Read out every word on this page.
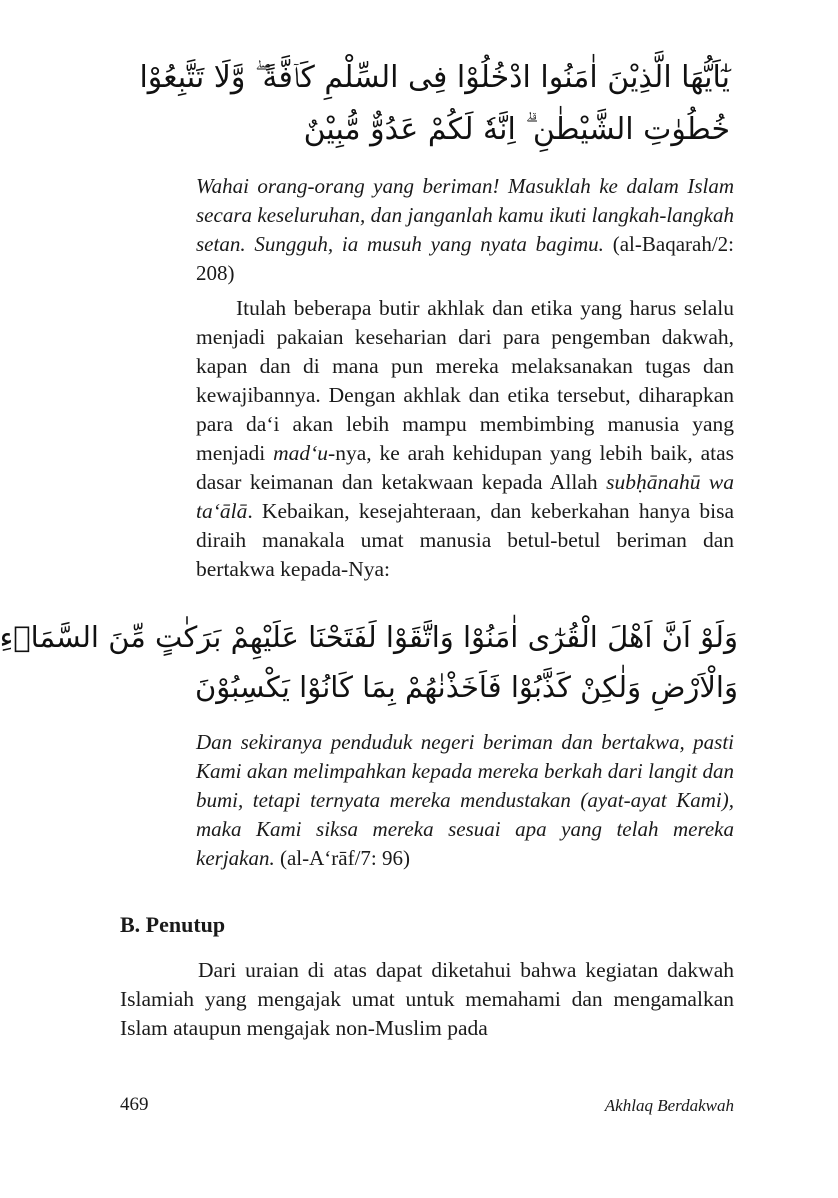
يٰٓاَيُّهَا الَّذِيْنَ اٰمَنُوا ادْخُلُوْا فِى السِّلْمِ كَاۤفَّةً ۖ وَّلَا تَتَّبِعُوْا
خُطُوٰتِ الشَّيْطٰنِ ۗ اِنَّهٗ لَكُمْ عَدُوٌّ مُّبِيْنٌ

Wahai orang-orang yang beriman! Masuklah ke dalam Islam secara keseluruhan, dan janganlah kamu ikuti langkah-langkah setan. Sungguh, ia musuh yang nyata bagimu. (al-Baqarah/2: 208)

Itulah beberapa butir akhlak dan etika yang harus selalu menjadi pakaian keseharian dari para pengemban dakwah, kapan dan di mana pun mereka melaksanakan tugas dan kewajibannya. Dengan akhlak dan etika tersebut, diharapkan para da‘i akan lebih mampu membimbing manusia yang menjadi mad‘u-nya, ke arah kehidupan yang lebih baik, atas dasar keimanan dan ketakwaan kepada Allah subḥānahū wa ta‘ālā. Kebaikan, kesejahteraan, dan keberkahan hanya bisa diraih manakala umat manusia betul-betul beriman dan bertakwa kepada-Nya:

وَلَوْ اَنَّ اَهْلَ الْقُرٰٓى اٰمَنُوْا وَاتَّقَوْا لَفَتَحْنَا عَلَيْهِمْ بَرَكٰتٍ مِّنَ السَّمَاۤءِ
وَالْاَرْضِ وَلٰكِنْ كَذَّبُوْا فَاَخَذْنٰهُمْ بِمَا كَانُوْا يَكْسِبُوْنَ

Dan sekiranya penduduk negeri beriman dan bertakwa, pasti Kami akan melimpahkan kepada mereka berkah dari langit dan bumi, tetapi ternyata mereka mendustakan (ayat-ayat Kami), maka Kami siksa mereka sesuai apa yang telah mereka kerjakan. (al-A‘rāf/7: 96)

B. Penutup

Dari uraian di atas dapat diketahui bahwa kegiatan dakwah Islamiah yang mengajak umat untuk memahami dan mengamalkan Islam ataupun mengajak non-Muslim pada

469	Akhlaq Berdakwah
